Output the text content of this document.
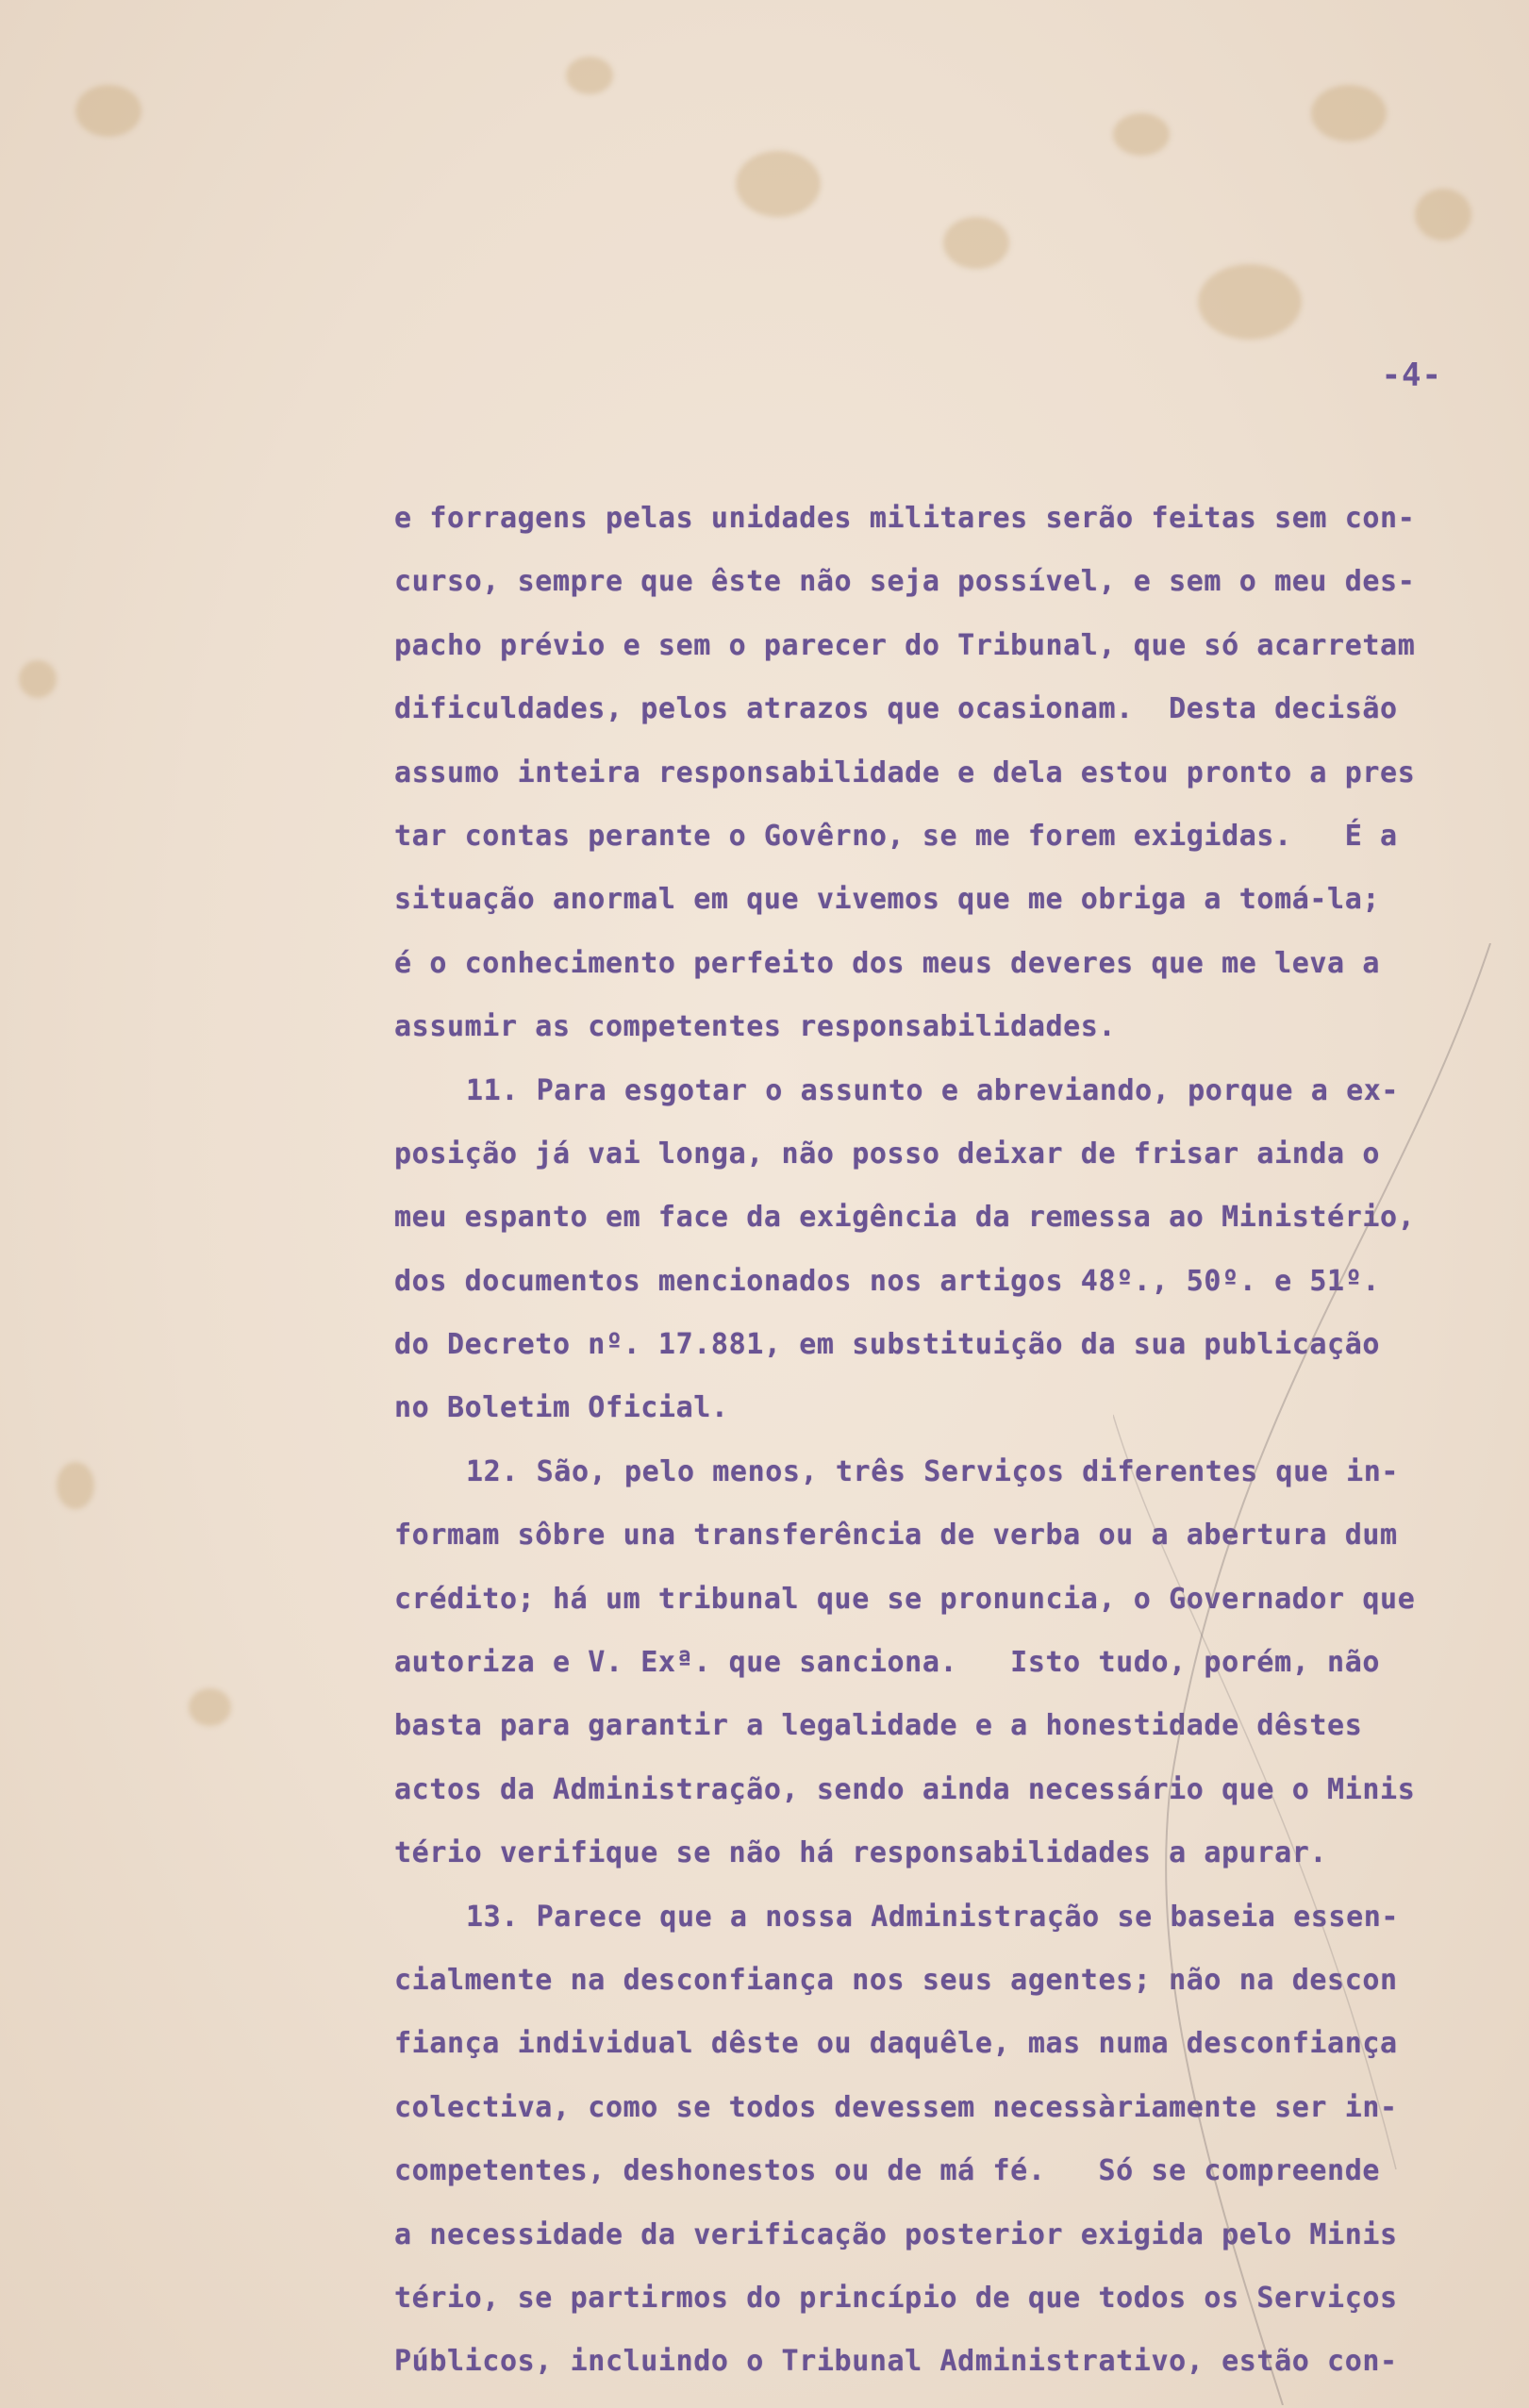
-4-
e forragens pelas unidades militares serão feitas sem con-
curso, sempre que êste não seja possível, e sem o meu des-
pacho prévio e sem o parecer do Tribunal, que só acarretam
dificuldades, pelos atrazos que ocasionam.  Desta decisão
assumo inteira responsabilidade e dela estou pronto a pres
tar contas perante o Govêrno, se me forem exigidas.   É a
situação anormal em que vivemos que me obriga a tomá-la;
é o conhecimento perfeito dos meus deveres que me leva a
assumir as competentes responsabilidades.
11. Para esgotar o assunto e abreviando, porque a ex-
posição já vai longa, não posso deixar de frisar ainda o
meu espanto em face da exigência da remessa ao Ministério,
dos documentos mencionados nos artigos 48º., 50º. e 51º.
do Decreto nº. 17.881, em substituição da sua publicação
no Boletim Oficial.
12. São, pelo menos, três Serviços diferentes que in-
formam sôbre una transferência de verba ou a abertura dum
crédito; há um tribunal que se pronuncia, o Governador que
autoriza e V. Exª. que sanciona.   Isto tudo, porém, não
basta para garantir a legalidade e a honestidade dêstes
actos da Administração, sendo ainda necessário que o Minis
tério verifique se não há responsabilidades a apurar.
13. Parece que a nossa Administração se baseia essen-
cialmente na desconfiança nos seus agentes; não na descon
fiança individual dêste ou daquêle, mas numa desconfiança
colectiva, como se todos devessem necessàriamente ser in-
competentes, deshonestos ou de má fé.   Só se compreende
a necessidade da verificação posterior exigida pelo Minis
tério, se partirmos do princípio de que todos os Serviços
Públicos, incluindo o Tribunal Administrativo, estão con-
